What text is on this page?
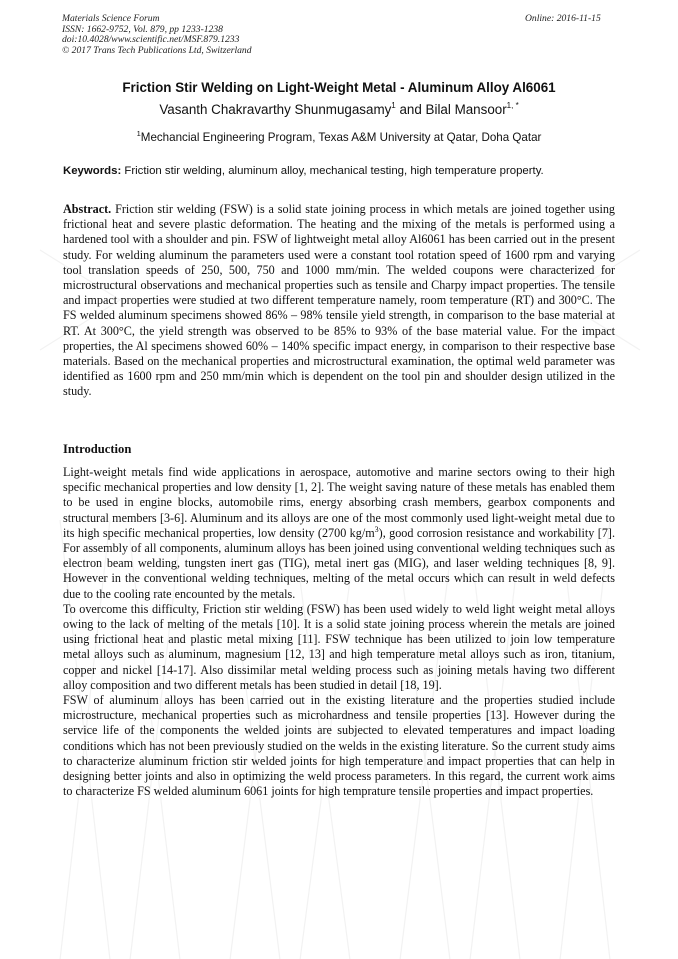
Materials Science Forum
ISSN: 1662-9752, Vol. 879, pp 1233-1238
doi:10.4028/www.scientific.net/MSF.879.1233
© 2017 Trans Tech Publications Ltd, Switzerland
Online: 2016-11-15
Friction Stir Welding on Light-Weight Metal - Aluminum Alloy Al6061
Vasanth Chakravarthy Shunmugasamy$^1$ and Bilal Mansoor$^{1, *}$
$^1$Mechancial Engineering Program, Texas A&M University at Qatar, Doha Qatar
Keywords: Friction stir welding, aluminum alloy, mechanical testing, high temperature property.
Abstract. Friction stir welding (FSW) is a solid state joining process in which metals are joined together using frictional heat and severe plastic deformation. The heating and the mixing of the metals is performed using a hardened tool with a shoulder and pin. FSW of lightweight metal alloy Al6061 has been carried out in the present study. For welding aluminum the parameters used were a constant tool rotation speed of 1600 rpm and varying tool translation speeds of 250, 500, 750 and 1000 mm/min. The welded coupons were characterized for microstructural observations and mechanical properties such as tensile and Charpy impact properties. The tensile and impact properties were studied at two different temperature namely, room temperature (RT) and 300°C. The FS welded aluminum specimens showed 86% – 98% tensile yield strength, in comparison to the base material at RT. At 300°C, the yield strength was observed to be 85% to 93% of the base material value. For the impact properties, the Al specimens showed 60% – 140% specific impact energy, in comparison to their respective base materials. Based on the mechanical properties and microstructural examination, the optimal weld parameter was identified as 1600 rpm and 250 mm/min which is dependent on the tool pin and shoulder design utilized in the study.
Introduction

Light-weight metals find wide applications in aerospace, automotive and marine sectors owing to their high specific mechanical properties and low density [1, 2]. The weight saving nature of these metals has enabled them to be used in engine blocks, automobile rims, energy absorbing crash members, gearbox components and structural members [3-6]. Aluminum and its alloys are one of the most commonly used light-weight metal due to its high specific mechanical properties, low density (2700 $kg/m^3$), good corrosion resistance and workability [7]. For assembly of all components, aluminum alloys has been joined using conventional welding techniques such as electron beam welding, tungsten inert gas (TIG), metal inert gas (MIG), and laser welding techniques [8, 9]. However in the conventional welding techniques, melting of the metal occurs which can result in weld defects due to the cooling rate encounted by the metals.

To overcome this difficulty, Friction stir welding (FSW) has been used widely to weld light weight metal alloys owing to the lack of melting of the metals [10]. It is a solid state joining process wherein the metals are joined using frictional heat and plastic metal mixing [11]. FSW technique has been utilized to join low temperature metal alloys such as aluminum, magnesium [12, 13] and high temperature metal alloys such as iron, titanium, copper and nickel [14-17]. Also dissimilar metal welding process such as joining metals having two different alloy composition and two different metals has been studied in detail [18, 19].

FSW of aluminum alloys has been carried out in the existing literature and the properties studied include microstructure, mechanical properties such as microhardness and tensile properties [13]. However during the service life of the components the welded joints are subjected to elevated temperatures and impact loading conditions which has not been previously studied on the welds in the existing literature. So the current study aims to characterize aluminum friction stir welded joints for high temperature and impact properties that can help in designing better joints and also in optimizing the weld process parameters. In this regard, the current work aims to characterize FS welded aluminum 6061 joints for high temprature tensile properties and impact properties.
